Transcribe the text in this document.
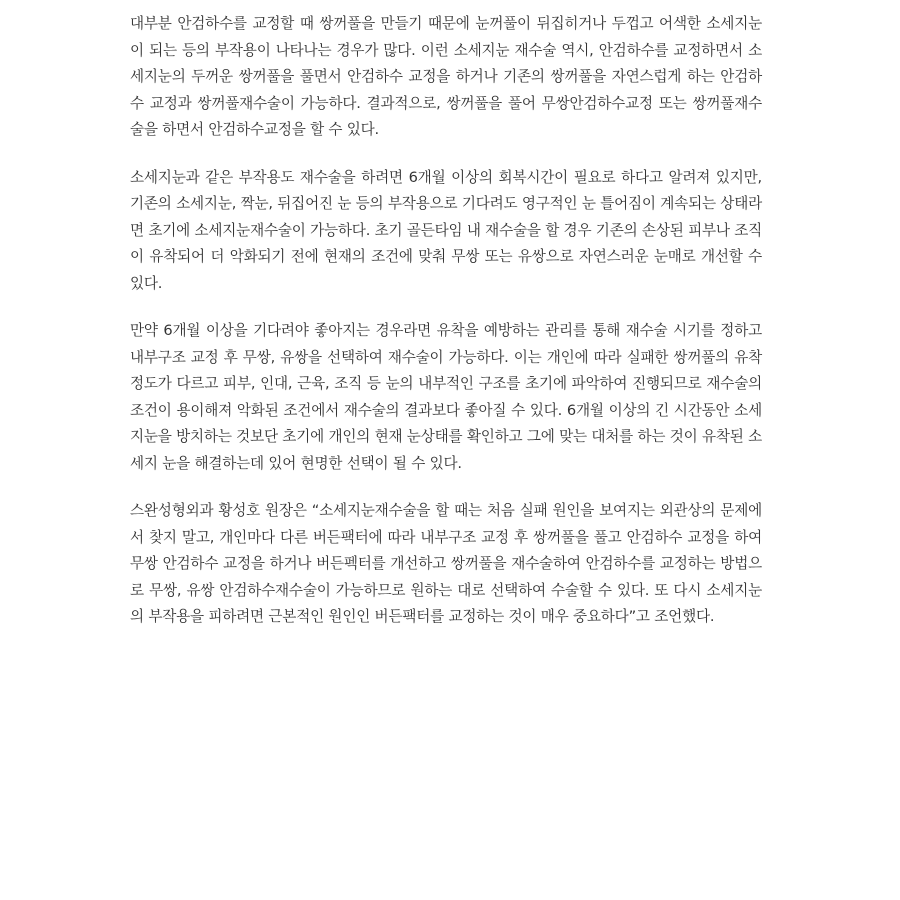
대부분 안검하수를 교정할 때 쌍꺼풀을 만들기 때문에 눈꺼풀이 뒤집히거나 두껍고 어색한 소세지눈이 되는 등의 부작용이 나타나는 경우가 많다. 이런 소세지눈 재수술 역시, 안검하수를 교정하면서 소세지눈의 두꺼운 쌍꺼풀을 풀면서 안검하수 교정을 하거나 기존의 쌍꺼풀을 자연스럽게 하는 안검하수 교정과 쌍꺼풀재수술이 가능하다. 결과적으로, 쌍꺼풀을 풀어 무쌍안검하수교정 또는 쌍꺼풀재수술을 하면서 안검하수교정을 할 수 있다.

소세지눈과 같은 부작용도 재수술을 하려면 6개월 이상의 회복시간이 필요로 하다고 알려져 있지만, 기존의 소세지눈, 짝눈, 뒤집어진 눈 등의 부작용으로 기다려도 영구적인 눈 틀어짐이 계속되는 상태라면 초기에 소세지눈재수술이 가능하다. 초기 골든타임 내 재수술을 할 경우 기존의 손상된 피부나 조직이 유착되어 더 악화되기 전에 현재의 조건에 맞춰 무쌍 또는 유쌍으로 자연스러운 눈매로 개선할 수 있다.

만약 6개월 이상을 기다려야 좋아지는 경우라면 유착을 예방하는 관리를 통해 재수술 시기를 정하고 내부구조 교정 후 무쌍, 유쌍을 선택하여 재수술이 가능하다. 이는 개인에 따라 실패한 쌍꺼풀의 유착 정도가 다르고 피부, 인대, 근육, 조직 등 눈의 내부적인 구조를 초기에 파악하여 진행되므로 재수술의 조건이 용이해져 악화된 조건에서 재수술의 결과보다 좋아질 수 있다. 6개월 이상의 긴 시간동안 소세지눈을 방치하는 것보단 초기에 개인의 현재 눈상태를 확인하고 그에 맞는 대처를 하는 것이 유착된 소세지 눈을 해결하는데 있어 현명한 선택이 될 수 있다.

스완성형외과 황성호 원장은 “소세지눈재수술을 할 때는 처음 실패 원인을 보여지는 외관상의 문제에서 찾지 말고, 개인마다 다른 버든팩터에 따라 내부구조 교정 후 쌍꺼풀을 풀고 안검하수 교정을 하여 무쌍 안검하수 교정을 하거나 버든펙터를 개선하고 쌍꺼풀을 재수술하여 안검하수를 교정하는 방법으로 무쌍, 유쌍 안검하수재수술이 가능하므로 원하는 대로 선택하여 수술할 수 있다. 또 다시 소세지눈의 부작용을 피하려면 근본적인 원인인 버든팩터를 교정하는 것이 매우 중요하다”고 조언했다.
